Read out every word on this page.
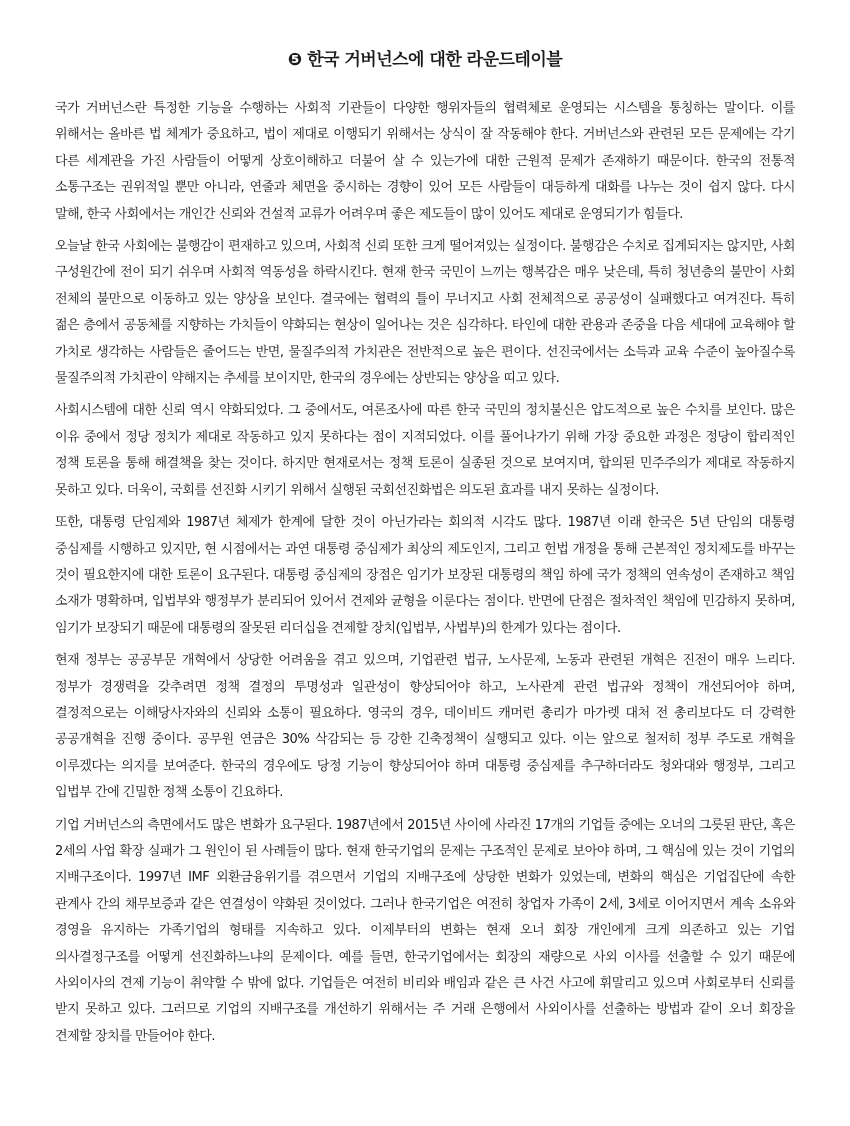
❺ 한국 거버넌스에 대한 라운드테이블

국가 거버넌스란 특정한 기능을 수행하는 사회적 기관들이 다양한 행위자들의 협력체로 운영되는 시스템을 통칭하는 말이다. 이를 위해서는 올바른 법 체계가 중요하고, 법이 제대로 이행되기 위해서는 상식이 잘 작동해야 한다. 거버넌스와 관련된 모든 문제에는 각기 다른 세계관을 가진 사람들이 어떻게 상호이해하고 더불어 살 수 있는가에 대한 근원적 문제가 존재하기 때문이다. 한국의 전통적 소통구조는 권위적일 뿐만 아니라, 연줄과 체면을 중시하는 경향이 있어 모든 사람들이 대등하게 대화를 나누는 것이 쉽지 않다. 다시 말해, 한국 사회에서는 개인간 신뢰와 건설적 교류가 어려우며 좋은 제도들이 많이 있어도 제대로 운영되기가 힘들다.

오늘날 한국 사회에는 불행감이 편재하고 있으며, 사회적 신뢰 또한 크게 떨어져있는 실정이다. 불행감은 수치로 집계되지는 않지만, 사회 구성원간에 전이 되기 쉬우며 사회적 역동성을 하락시킨다. 현재 한국 국민이 느끼는 행복감은 매우 낮은데, 특히 청년층의 불만이 사회 전체의 불만으로 이동하고 있는 양상을 보인다. 결국에는 협력의 틀이 무너지고 사회 전체적으로 공공성이 실패했다고 여겨진다. 특히 젊은 층에서 공동체를 지향하는 가치들이 약화되는 현상이 일어나는 것은 심각하다. 타인에 대한 관용과 존중을 다음 세대에 교육해야 할 가치로 생각하는 사람들은 줄어드는 반면, 물질주의적 가치관은 전반적으로 높은 편이다. 선진국에서는 소득과 교육 수준이 높아질수록 물질주의적 가치관이 약해지는 추세를 보이지만, 한국의 경우에는 상반되는 양상을 띠고 있다.

사회시스템에 대한 신뢰 역시 약화되었다. 그 중에서도, 여론조사에 따른 한국 국민의 정치불신은 압도적으로 높은 수치를 보인다. 많은 이유 중에서 정당 정치가 제대로 작동하고 있지 못하다는 점이 지적되었다. 이를 풀어나가기 위해 가장 중요한 과정은 정당이 합리적인 정책 토론을 통해 해결책을 찾는 것이다. 하지만 현재로서는 정책 토론이 실종된 것으로 보여지며, 합의된 민주주의가 제대로 작동하지 못하고 있다. 더욱이, 국회를 선진화 시키기 위해서 실행된 국회선진화법은 의도된 효과를 내지 못하는 실정이다.

또한, 대통령 단임제와 1987년 체제가 한계에 달한 것이 아닌가라는 회의적 시각도 많다. 1987년 이래 한국은 5년 단임의 대통령 중심제를 시행하고 있지만, 현 시점에서는 과연 대통령 중심제가 최상의 제도인지, 그리고 헌법 개정을 통해 근본적인 정치제도를 바꾸는 것이 필요한지에 대한 토론이 요구된다. 대통령 중심제의 장점은 임기가 보장된 대통령의 책임 하에 국가 정책의 연속성이 존재하고 책임 소재가 명확하며, 입법부와 행정부가 분리되어 있어서 견제와 균형을 이룬다는 점이다. 반면에 단점은 절차적인 책임에 민감하지 못하며, 임기가 보장되기 때문에 대통령의 잘못된 리더십을 견제할 장치(입법부, 사법부)의 한계가 있다는 점이다.

현재 정부는 공공부문 개혁에서 상당한 어려움을 겪고 있으며, 기업관련 법규, 노사문제, 노동과 관련된 개혁은 진전이 매우 느리다. 정부가 경쟁력을 갖추려면 정책 결정의 투명성과 일관성이 향상되어야 하고, 노사관계 관련 법규와 정책이 개선되어야 하며, 결정적으로는 이해당사자와의 신뢰와 소통이 필요하다. 영국의 경우, 데이비드 캐머런 총리가 마가렛 대처 전 총리보다도 더 강력한 공공개혁을 진행 중이다. 공무원 연금은 30% 삭감되는 등 강한 긴축정책이 실행되고 있다. 이는 앞으로 철저히 정부 주도로 개혁을 이루겠다는 의지를 보여준다. 한국의 경우에도 당정 기능이 향상되어야 하며 대통령 중심제를 추구하더라도 청와대와 행정부, 그리고 입법부 간에 긴밀한 정책 소통이 긴요하다.

기업 거버넌스의 측면에서도 많은 변화가 요구된다. 1987년에서 2015년 사이에 사라진 17개의 기업들 중에는 오너의 그릇된 판단, 혹은 2세의 사업 확장 실패가 그 원인이 된 사례들이 많다. 현재 한국기업의 문제는 구조적인 문제로 보아야 하며, 그 핵심에 있는 것이 기업의 지배구조이다. 1997년 IMF 외환금융위기를 겪으면서 기업의 지배구조에 상당한 변화가 있었는데, 변화의 핵심은 기업집단에 속한 관계사 간의 채무보증과 같은 연결성이 약화된 것이었다. 그러나 한국기업은 여전히 창업자 가족이 2세, 3세로 이어지면서 계속 소유와 경영을 유지하는 가족기업의 형태를 지속하고 있다. 이제부터의 변화는 현재 오너 회장 개인에게 크게 의존하고 있는 기업 의사결정구조를 어떻게 선진화하느냐의 문제이다. 예를 들면, 한국기업에서는 회장의 재량으로 사외 이사를 선출할 수 있기 때문에 사외이사의 견제 기능이 취약할 수 밖에 없다. 기업들은 여전히 비리와 배임과 같은 큰 사건 사고에 휘말리고 있으며 사회로부터 신뢰를 받지 못하고 있다. 그러므로 기업의 지배구조를 개선하기 위해서는 주 거래 은행에서 사외이사를 선출하는 방법과 같이 오너 회장을 견제할 장치를 만들어야 한다.
